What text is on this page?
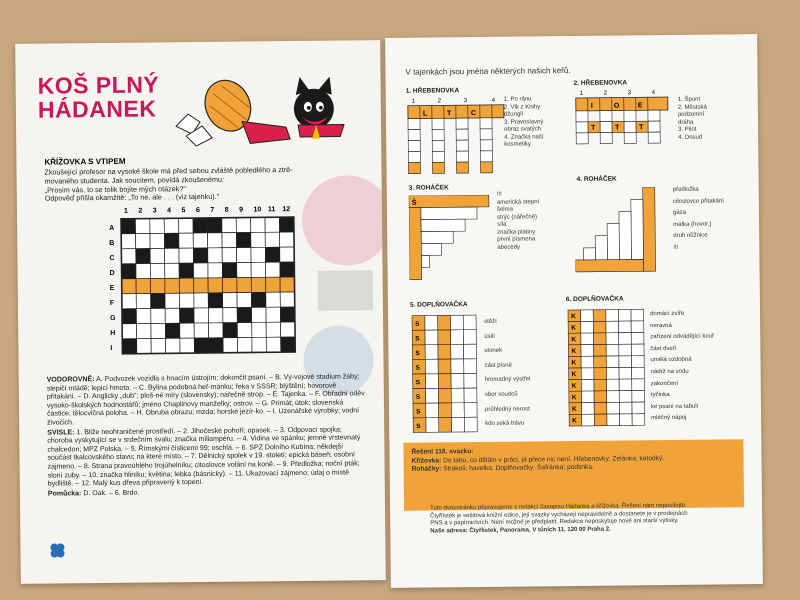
KOŠ PLNÝ
HÁDANEK
KŘÍŽOVKA S VTIPEM
Zkoušející profesor na vysoké škole má před sebou zvláště pobledlého a ztrě-
movaného studenta. Jak soucitem, povídá zkoušenému:
„Prosím vás, to se tolik bojíte mých otázek?"
Odpověď přišla okamžitě: „To ne, ale . . . (viz tajenku)."
1 2 3 4 5 6 7 8 9 10 11 12
A
B
C
D
E
F
G
H
I

VODOROVNĚ: A. Podvozek vozidla s hnacím ústrojím; dokončit psaní. – B. Vý-vojové stadium žáby; slepičí mládě; lepicí hmota. – C. Bylina podobná heř-mánku; řeka v SSSR; blýštění; hovorově přitakání. – D. Anglicky „dub"; ploš-né míry (slovensky); nářečně strop. – E. Tajenka. – F. Obřadní oděv vysoko-školských hodnostářů; jméno Chaplinovy manželky; ostrov. – G. Primát; útok; slovenská částice; tělocvičná poloha. – H. Obruba obrazu; mzda; horské jezír-ko. – I. Uzenářské výrobky; vodní živočich.

SVISLE: 1. Bliže neohraničené prostředí. – 2. Jihočeské pohoří; opasek. – 3. Odpovací spojka; choroba vyskytující se v srdečním svalu; značka miliampéru. – 4. Vidina ve spánku; jemně vrstevnatý chalcedon; MPZ Polska. – 5. Římskými číslicemi 99; oschlá. – 6. SPZ Dolního Kubína; někdejší součást tkalcovského stavu; na které místo. – 7. Dělnický spolek v 19. století; epická báseň; osobní zájmeno. – 8. Strana pravoúhlého trojúhelníku; citoslovce volání na koně. – 9. Předložka; noční pták; sloní zuby. – 10. značka hliníku; květina; lebka (básnicky). – 11. Ukazovací zájmeno; údaj o místě bydliště. – 12. Malý kus dřeva připravený k topení.

Pomůcka: D. Oak. – 6. Brdo.

V tajenkách jsou jména některých našich keřů.
1. HŘEBENOVKA
1	2	3	4
L	T	C
1. Po ránu
2. Vlk z Knihy
džunglí
3. Pravoslavný
obraz svatých
4. Značka naší
kosmetiky
2. HŘEBENOVKA
1	2	3	4
I	O	E
T	T	T
1. Špunt
2. Městská
podzemní
dráha
3. Pilot
4. Dosud
3. ROHÁČEK
Š
!!!
americká stepní
šelma
strýc (nářečně)
síla
značka platiny
první písmena
abecedy
4. ROHÁČEK
předložka
citoslovce přitakání
gáza
matka (hovor.)
druh nůžnice
!!!
5. DOPLŇOVAČKA
S
S
S
S
S
S
S
S
stěží
úsilí
stonek
část písně
hromadný výstřel
sbor soudců
průhledný nerost
kdo seká trávu
6. DOPLŇOVAČKA
K
K
K
K
K
K
K
K
K
K
domácí zvíře
neravná
zařízení odvádějící kouř
část dveří
umělá ozdobná
nádrž na vodu
zakončení
tyčinka
ke psaní na tabuli
mléčný nápoj
Řešení 118. svazku:
Křížovka: Do tahu, co dělám v práci, já přece nic není. Hřebenovky: Zelánka; katodký.
Roháčky: Strakoš; havelka. Doplňovačky: Šafránka; podtinka.
Tuto dvoustránku připravujeme s redakcí časopisu Hádanka a křížovka. Řešení nám neposílejte.
Čtyřlístek je sešitová knižní edice, její svazky vycházejí nepravidelně a dostanete je v prodejnách
PNS a v papírnictvích. Není možné je předplatit. Redakce neposkytuje nové ani starší výtisky.
Naše adresa: Čtyřlístek, Panorama, V tůních 11, 120 00 Praha 2.
